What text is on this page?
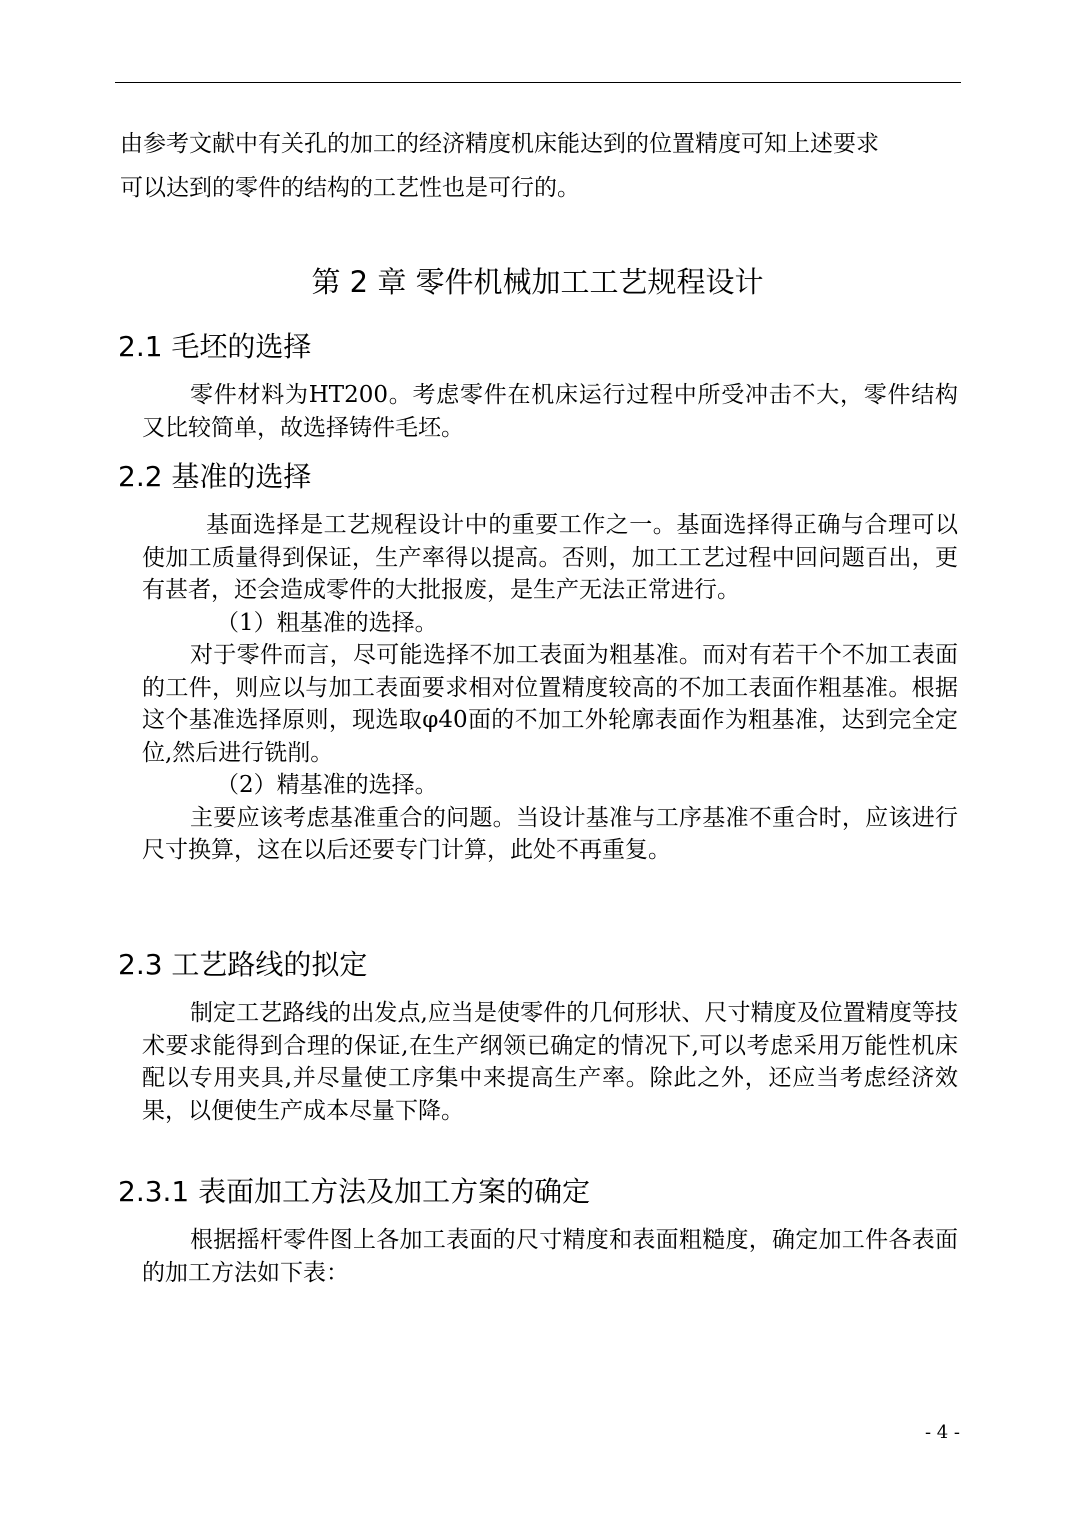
由参考文献中有关孔的加工的经济精度机床能达到的位置精度可知上述要求

可以达到的零件的结构的工艺性也是可行的。

第 2 章 零件机械加工工艺规程设计
2.1 毛坯的选择

零件材料为HT200。考虑零件在机床运行过程中所受冲击不大，零件结构又比较简单，故选择铸件毛坯。

2.2 基准的选择

基面选择是工艺规程设计中的重要工作之一。基面选择得正确与合理可以使加工质量得到保证，生产率得以提高。否则，加工工艺过程中回问题百出，更有甚者，还会造成零件的大批报废，是生产无法正常进行。

（1）粗基准的选择。

对于零件而言，尽可能选择不加工表面为粗基准。而对有若干个不加工表面的工件，则应以与加工表面要求相对位置精度较高的不加工表面作粗基准。根据这个基准选择原则，现选取φ40面的不加工外轮廓表面作为粗基准，达到完全定位,然后进行铣削。

（2）精基准的选择。

主要应该考虑基准重合的问题。当设计基准与工序基准不重合时，应该进行尺寸换算，这在以后还要专门计算，此处不再重复。

2.3 工艺路线的拟定

制定工艺路线的出发点,应当是使零件的几何形状、尺寸精度及位置精度等技术要求能得到合理的保证,在生产纲领已确定的情况下,可以考虑采用万能性机床配以专用夹具,并尽量使工序集中来提高生产率。除此之外，还应当考虑经济效果，以便使生产成本尽量下降。

2.3.1 表面加工方法及加工方案的确定

根据摇杆零件图上各加工表面的尺寸精度和表面粗糙度，确定加工件各表面的加工方法如下表：

- 4 -
